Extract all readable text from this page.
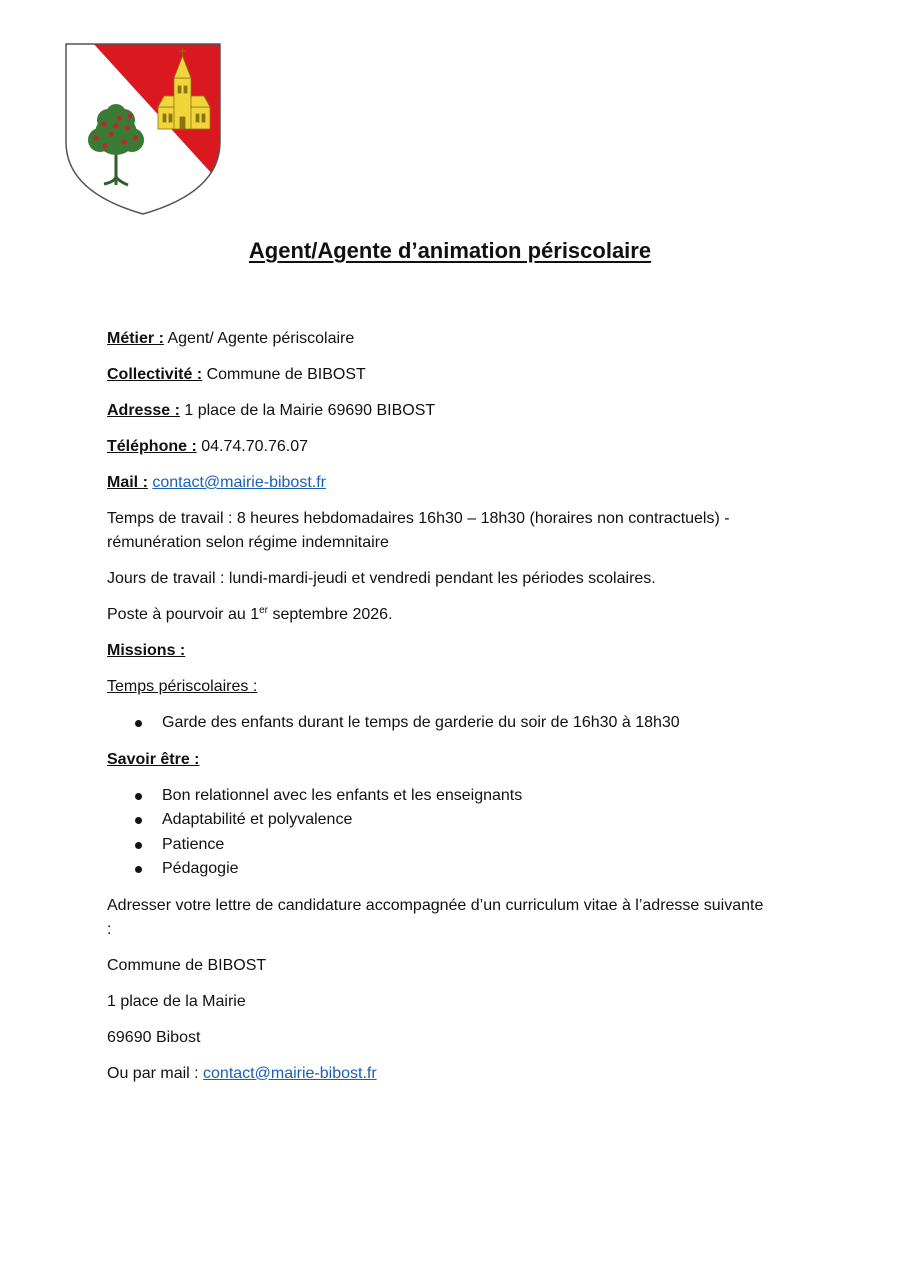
Agent/Agente d’animation périscolaire

Métier : Agent/ Agente périscolaire

Collectivité : Commune de BIBOST

Adresse : 1 place de la Mairie 69690 BIBOST

Téléphone : 04.74.70.76.07

Mail : contact@mairie-bibost.fr

Temps de travail : 8 heures hebdomadaires 16h30 – 18h30 (horaires non contractuels) - rémunération selon régime indemnitaire

Jours de travail : lundi-mardi-jeudi et vendredi pendant les périodes scolaires.

Poste à pourvoir au 1er septembre 2026.

Missions :

Temps périscolaires :

Garde des enfants durant le temps de garderie du soir de 16h30 à 18h30

Savoir être :

Bon relationnel avec les enfants et les enseignants
Adaptabilité et polyvalence
Patience
Pédagogie

Adresser votre lettre de candidature accompagnée d’un curriculum vitae à l’adresse suivante :

Commune de BIBOST

1 place de la Mairie

69690 Bibost

Ou par mail : contact@mairie-bibost.fr
